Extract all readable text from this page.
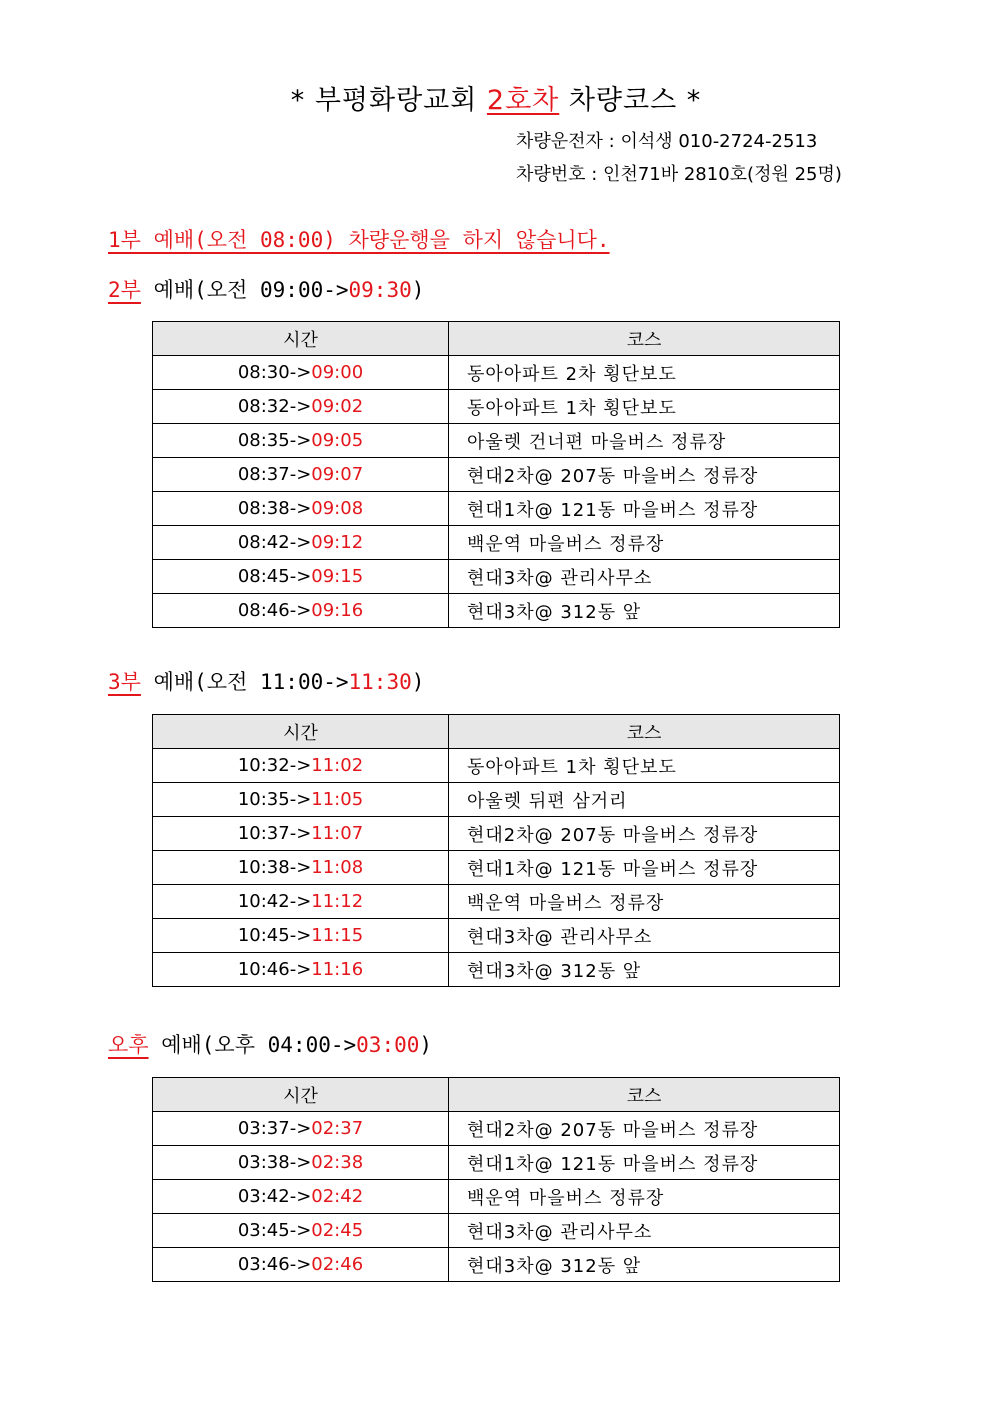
* 부평화랑교회 2호차 차량코스 *
차량운전자 : 이석생 010-2724-2513
차량번호 : 인천71바 2810호(정원 25명)
1부 예배(오전 08:00) 차량운행을 하지 않습니다.
2부 예배(오전 09:00->09:30)
시간	코스
08:30->09:00	동아아파트 2차 횡단보도
08:32->09:02	동아아파트 1차 횡단보도
08:35->09:05	아울렛 건너편 마을버스 정류장
08:37->09:07	현대2차@ 207동 마을버스 정류장
08:38->09:08	현대1차@ 121동 마을버스 정류장
08:42->09:12	백운역 마을버스 정류장
08:45->09:15	현대3차@ 관리사무소
08:46->09:16	현대3차@ 312동 앞
3부 예배(오전 11:00->11:30)
시간	코스
10:32->11:02	동아아파트 1차 횡단보도
10:35->11:05	아울렛 뒤편 삼거리
10:37->11:07	현대2차@ 207동 마을버스 정류장
10:38->11:08	현대1차@ 121동 마을버스 정류장
10:42->11:12	백운역 마을버스 정류장
10:45->11:15	현대3차@ 관리사무소
10:46->11:16	현대3차@ 312동 앞
오후 예배(오후 04:00->03:00)
시간	코스
03:37->02:37	현대2차@ 207동 마을버스 정류장
03:38->02:38	현대1차@ 121동 마을버스 정류장
03:42->02:42	백운역 마을버스 정류장
03:45->02:45	현대3차@ 관리사무소
03:46->02:46	현대3차@ 312동 앞
